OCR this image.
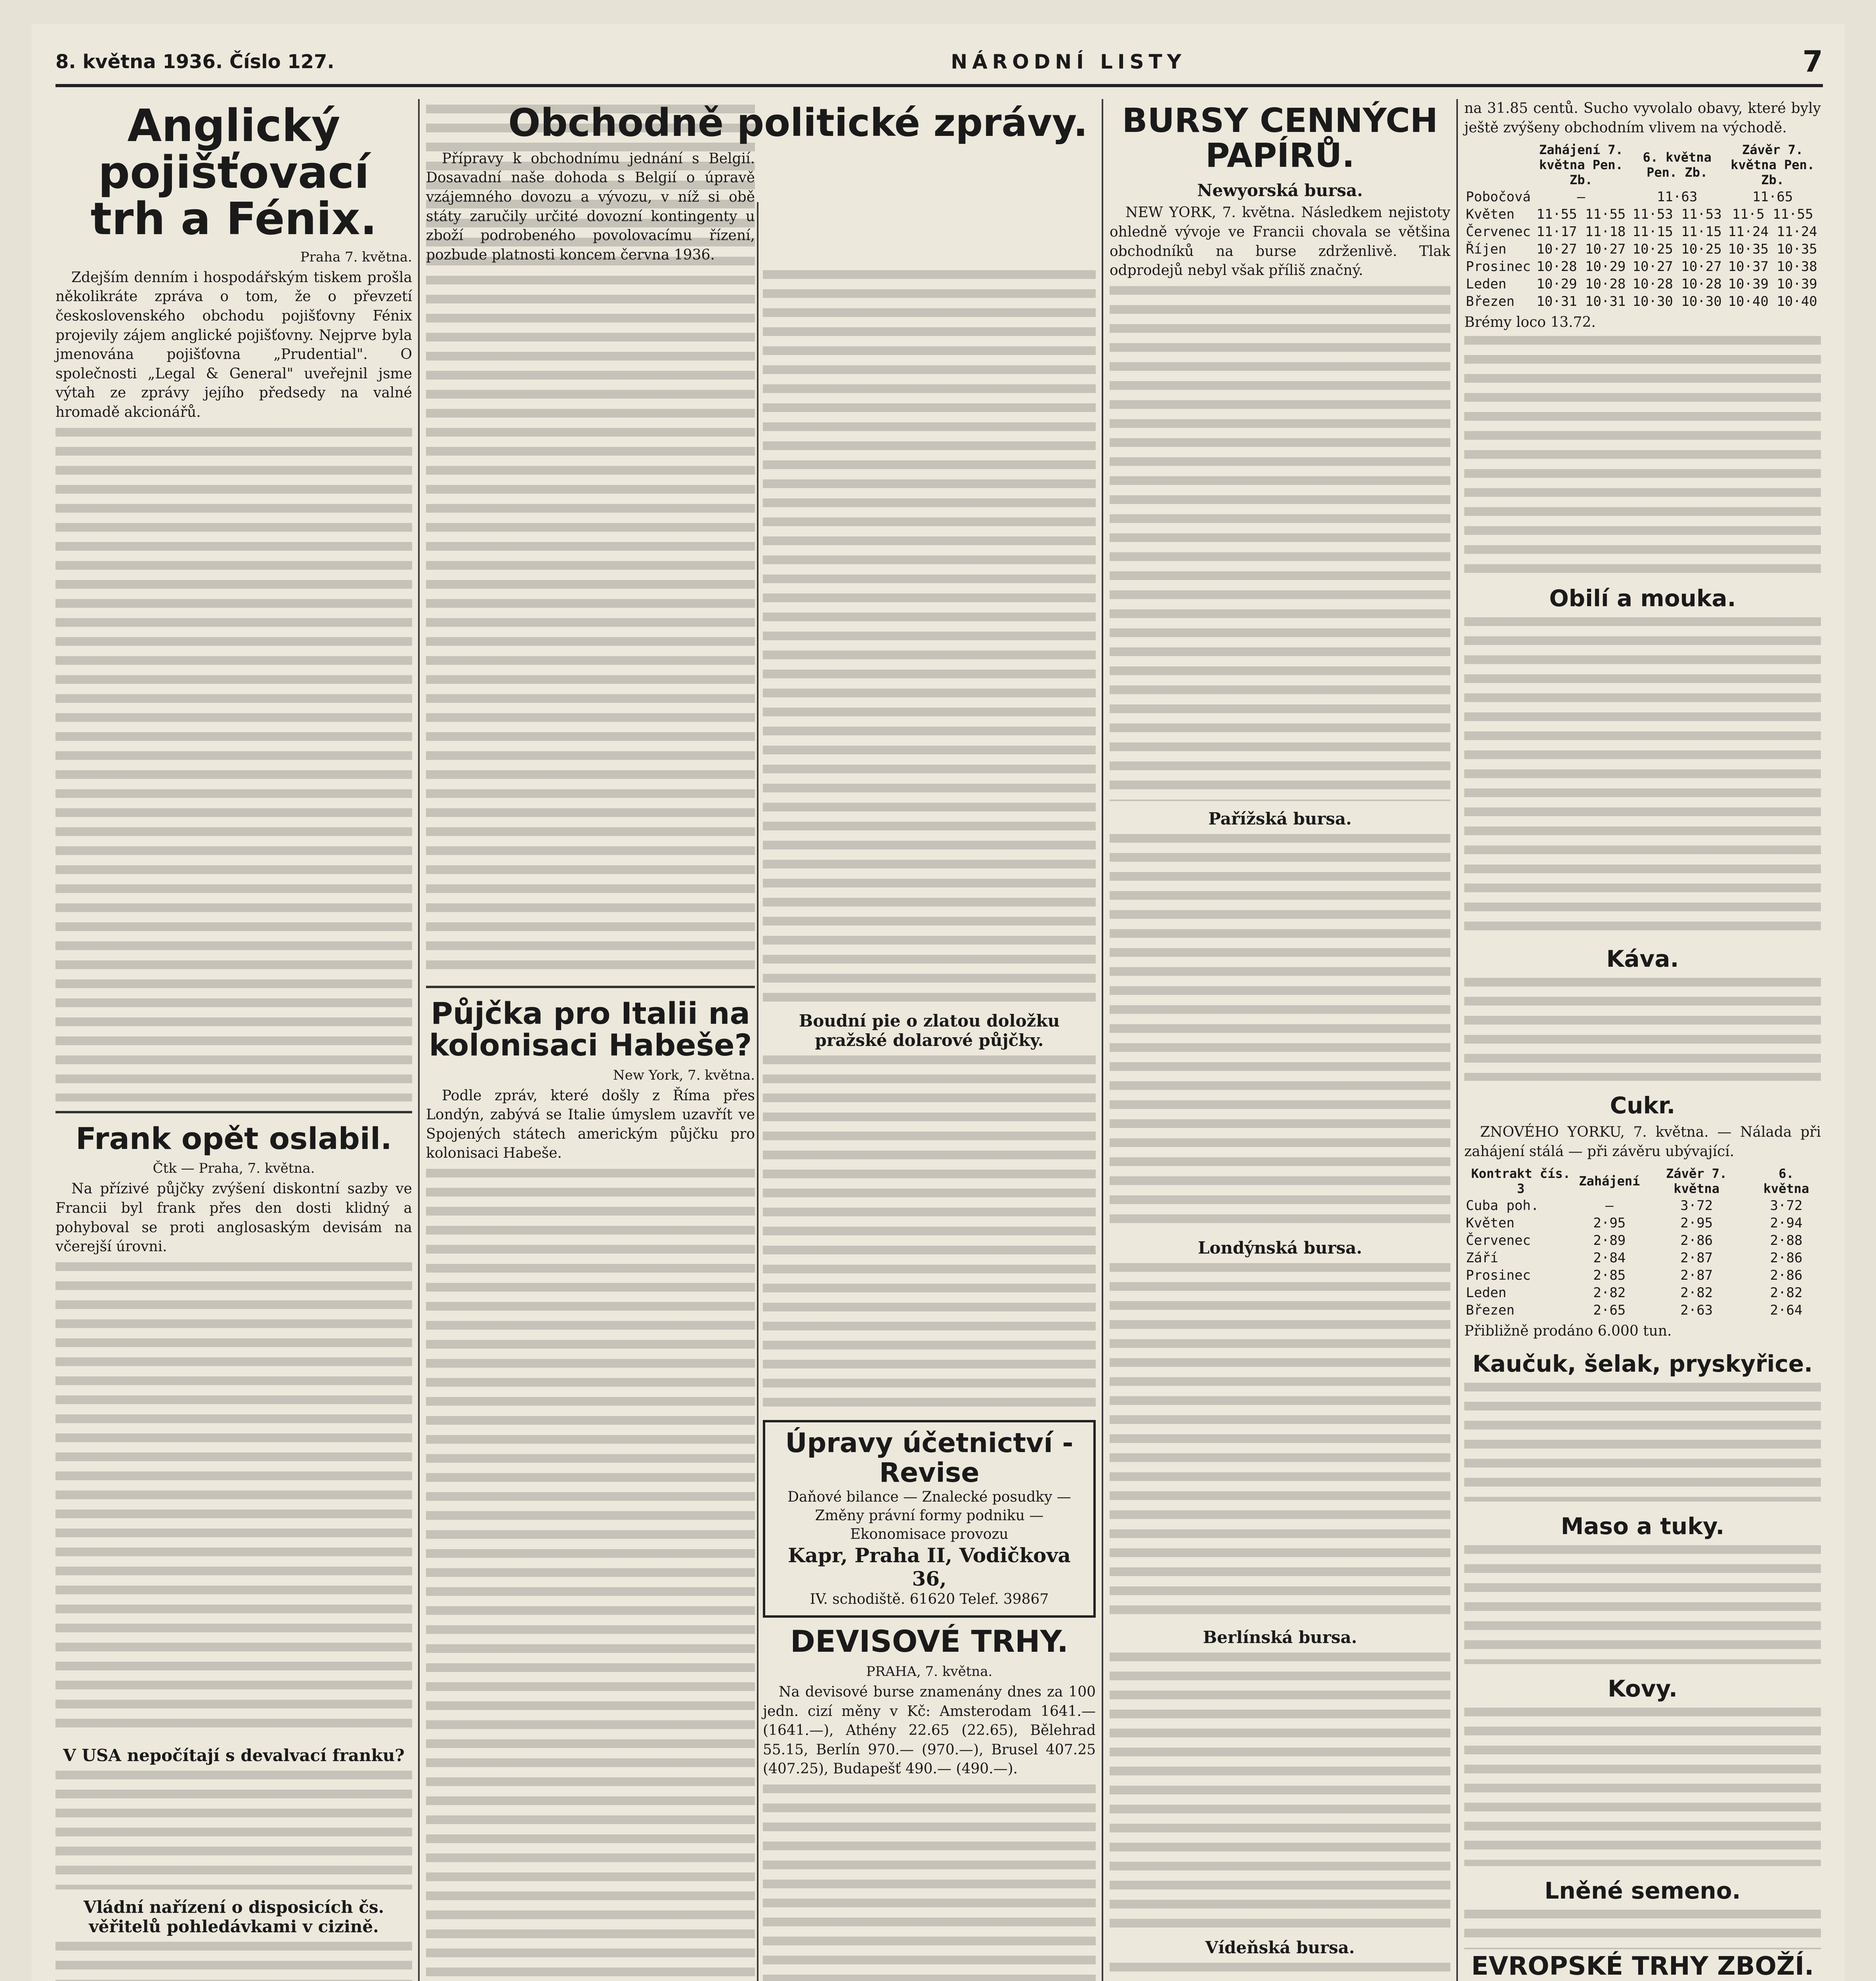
8. května 1936. Číslo 127.	NÁRODNÍ LISTY	7
Anglický pojišťovací trh a Fénix.
Praha 7. května.

Zdejším denním i hospodářským tiskem prošla několikráte zpráva o tom, že o převzetí československého obchodu pojišťovny Fénix projevily zájem anglické pojišťovny. Nejprve byla jmenována pojišťovna „Prudential". O společnosti „Legal & General" uveřejnil jsme výtah ze zprávy jejího předsedy na valné hromadě akcionářů.

Frank opět oslabil.
Čtk — Praha, 7. května.

Na přízivé půjčky zvýšení diskontní sazby ve Francii byl frank přes den dosti klidný a pohyboval se proti anglosaským devisám na včerejší úrovni.

V USA nepočítají s devalvací franku?
Vládní nařízení o disposicích čs. věřitelů pohledávkami v cizině.
Půjčka pro Italii na kolonisaci Habeše?
New York, 7. května.

Podle zpráv, které došly z Říma přes Londýn, zabývá se Italie úmyslem uzavřít ve Spojených státech americkým půjčku pro kolonisaci Habeše.

Obchodně politické zprávy.

Přípravy k obchodnímu jednání s Belgií. Dosavadní naše dohoda s Belgií o úpravě vzájemného dovozu a vývozu, v níž si obě státy zaručily určité dovozní kontingenty u zboží podrobeného povolovacímu řízení, pozbude platnosti koncem června 1936.

Boudní pie o zlatou doložku pražské dolarové půjčky.
Úpravy účetnictví - Revise
Daňové bilance — Znalecké posudky — Změny právní formy podniku — Ekonomisace provozu
Kapr, Praha II, Vodičkova 36,
IV. schodiště. 61620 Telef. 39867
DEVISOVÉ TRHY.
PRAHA, 7. května.

Na devisové burse znamenány dnes za 100 jedn. cizí měny v Kč: Amsterodam 1641.— (1641.—), Athény 22.65 (22.65), Bělehrad 55.15, Berlín 970.— (970.—), Brusel 407.25 (407.25), Budapešť 490.— (490.—).

BURSY CENNÝCH PAPÍRŮ.
Newyorská bursa.

NEW YORK, 7. května. Následkem nejistoty ohledně vývoje ve Francii chovala se většina obchodníků na burse zdrženlivě. Tlak odprodejů nebyl však příliš značný.

Pařížská bursa.
Londýnská bursa.
Berlínská bursa.
Vídeňská bursa.

na 31.85 centů. Sucho vyvolalo obavy, které byly ještě zvýšeny obchodním vlivem na východě.

	Zahájení 7. května Pen. Zb.	6. května Pen. Zb.	Závěr 7. května Pen. Zb.
Pobočová	—	11·63	11·65
Květen	11·55 11·55	11·53 11·53	11·5 11·55
Červenec	11·17 11·18	11·15 11·15	11·24 11·24
Říjen	10·27 10·27	10·25 10·25	10·35 10·35
Prosinec	10·28 10·29	10·27 10·27	10·37 10·38
Leden	10·29 10·28	10·28 10·28	10·39 10·39
Březen	10·31 10·31	10·30 10·30	10·40 10·40
Brémy loco 13.72.
Obilí a mouka.
Káva.
Cukr.

ZNOVÉHO YORKU, 7. května. — Nálada při zahájení stálá — při závěru ubývající.

Kontrakt čís. 3	Zahájení	Závěr 7. května	6. května
Cuba poh.	—	3·72	3·72
Květen	2·95	2·95	2·94
Červenec	2·89	2·86	2·88
Září	2·84	2·87	2·86
Prosinec	2·85	2·87	2·86
Leden	2·82	2·82	2·82
Březen	2·65	2·63	2·64
Přibližně prodáno 6.000 tun.
Kaučuk, šelak, pryskyřice.
Maso a tuky.
Kovy.
Lněné semeno.
EVROPSKÉ TRHY ZBOŽÍ.
